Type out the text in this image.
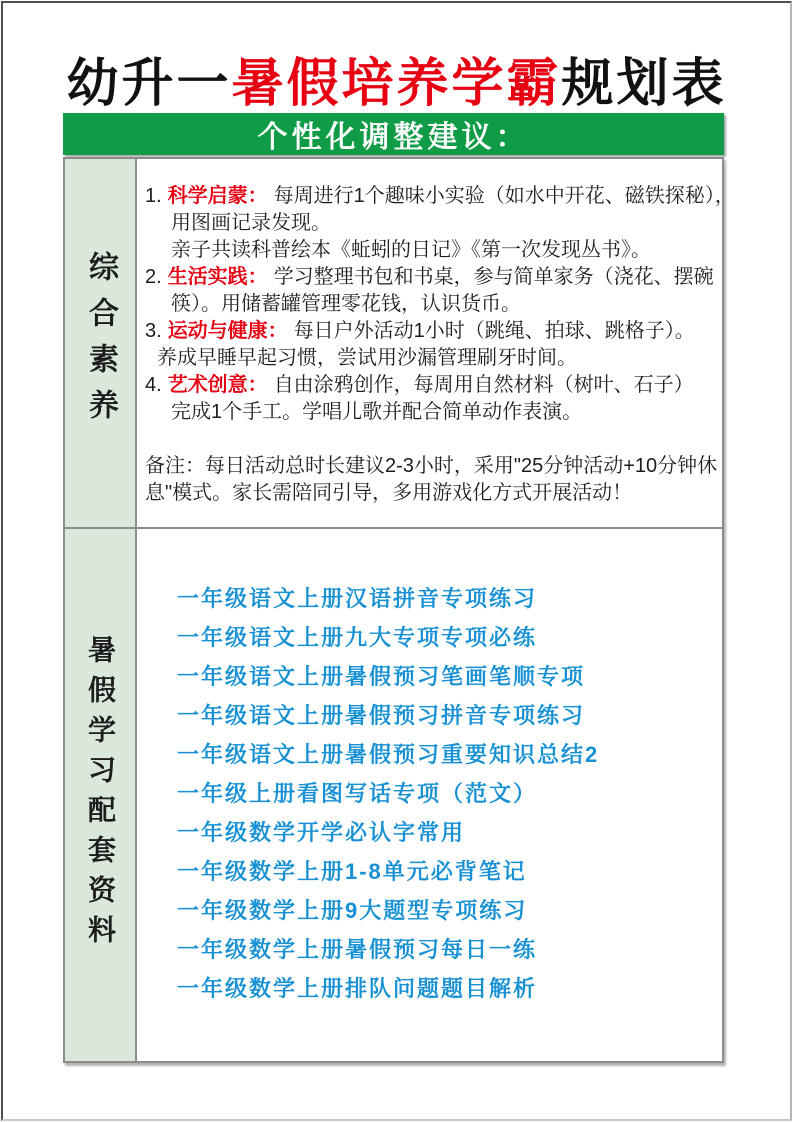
幼升一暑假培养学霸规划表
个性化调整建议：
综合素养
1. 科学启蒙： 每周进行1个趣味小实验（如水中开花、磁铁探秘），
用图画记录发现。
亲子共读科普绘本《蚯蚓的日记》《第一次发现丛书》。
2. 生活实践： 学习整理书包和书桌，参与简单家务（浇花、摆碗
筷）。用储蓄罐管理零花钱，认识货币。
3. 运动与健康： 每日户外活动1小时（跳绳、拍球、跳格子）。
养成早睡早起习惯，尝试用沙漏管理刷牙时间。
4. 艺术创意： 自由涂鸦创作，每周用自然材料（树叶、石子）
完成1个手工。学唱儿歌并配合简单动作表演。
备注：每日活动总时长建议2-3小时，采用"25分钟活动+10分钟休
息"模式。家长需陪同引导，多用游戏化方式开展活动！
暑假学习配套资料
一年级语文上册汉语拼音专项练习
一年级语文上册九大专项专项必练
一年级语文上册暑假预习笔画笔顺专项
一年级语文上册暑假预习拼音专项练习
一年级语文上册暑假预习重要知识总结2
一年级上册看图写话专项（范文）
一年级数学开学必认字常用
一年级数学上册1-8单元必背笔记
一年级数学上册9大题型专项练习
一年级数学上册暑假预习每日一练
一年级数学上册排队问题题目解析
